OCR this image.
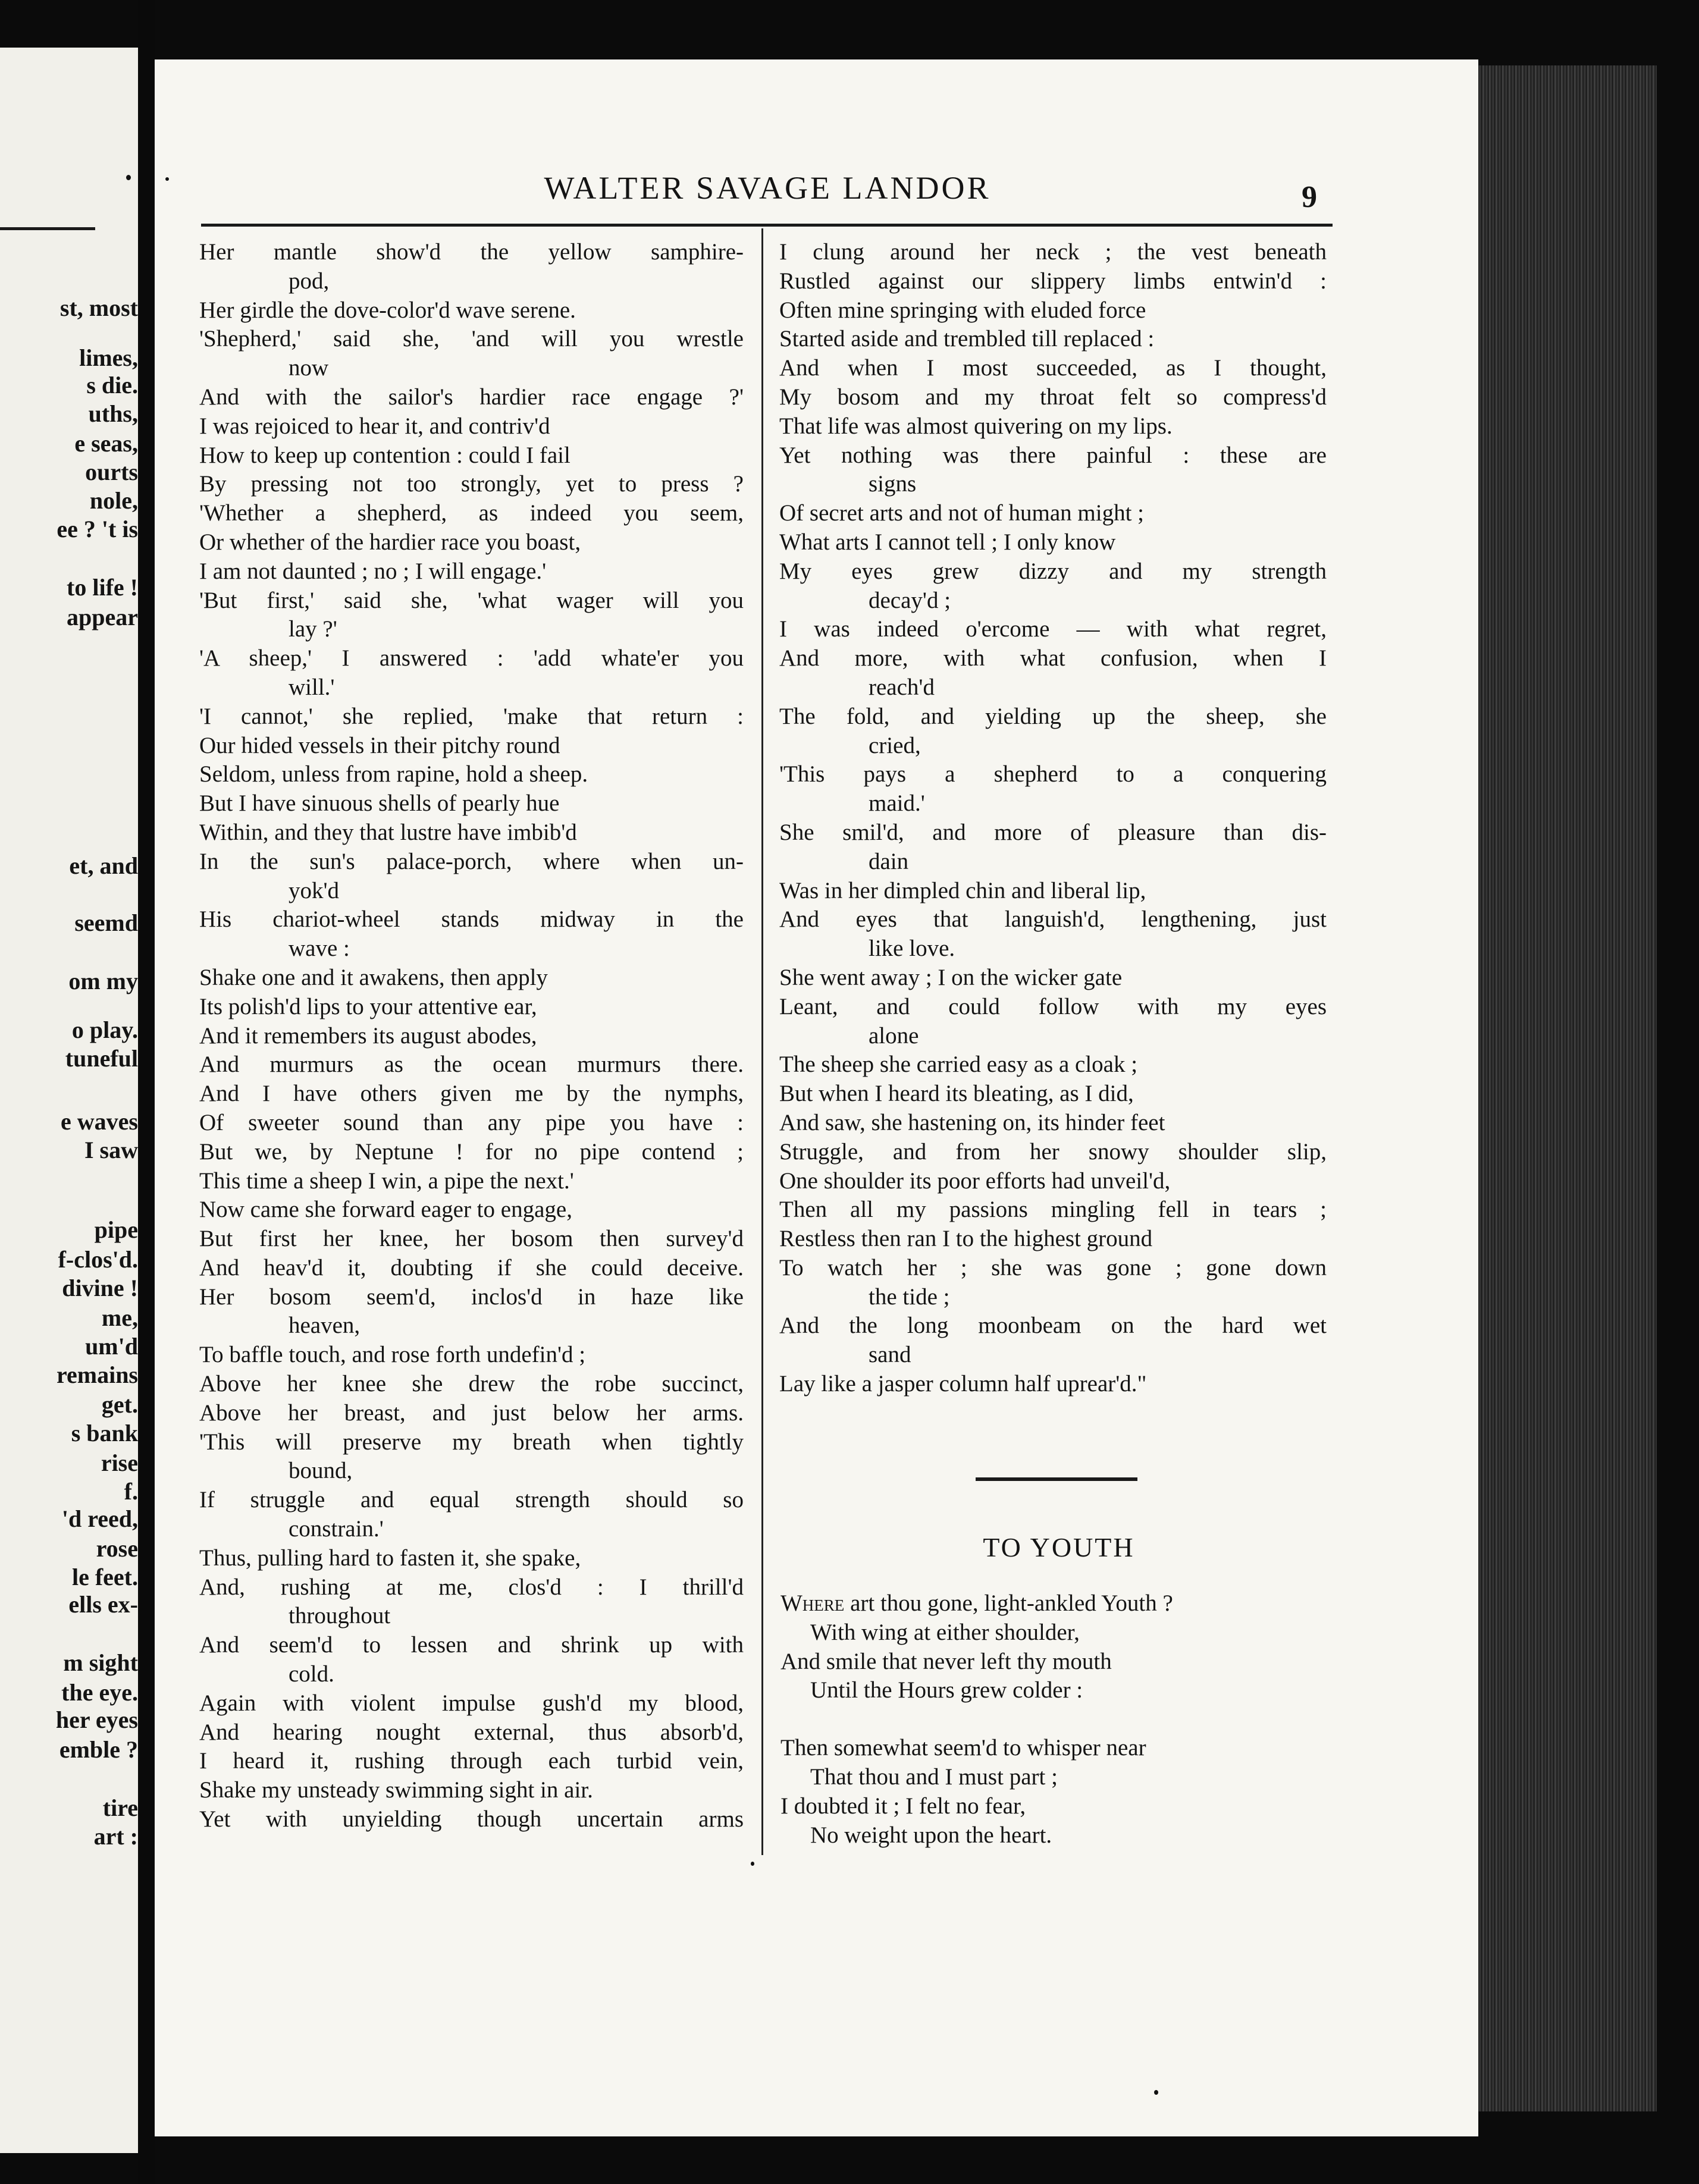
st, most
limes,
s die.
uths,
e seas,
ourts
nole,
ee ? 't is
to life !
appear
et, and
seemd
om my
o play.
tuneful
e waves
I saw
pipe
f-clos'd.
divine !
me,
um'd
remains
get.
s bank
rise
f.
'd reed,
rose
le feet.
ells ex-
m sight
the eye.
her eyes
emble ?
tire
art :
WALTER SAVAGE LANDOR	9
Her mantle show'd the yellow samphire-
pod,
Her girdle the dove-color'd wave serene.
'Shepherd,' said she, 'and will you wrestle
now
And with the sailor's hardier race engage ?'
I was rejoiced to hear it, and contriv'd
How to keep up contention : could I fail
By pressing not too strongly, yet to press ?
'Whether a shepherd, as indeed you seem,
Or whether of the hardier race you boast,
I am not daunted ; no ; I will engage.'
'But first,' said she, 'what wager will you
lay ?'
'A sheep,' I answered : 'add whate'er you
will.'
'I cannot,' she replied, 'make that return :
Our hided vessels in their pitchy round
Seldom, unless from rapine, hold a sheep.
But I have sinuous shells of pearly hue
Within, and they that lustre have imbib'd
In the sun's palace-porch, where when un-
yok'd
His chariot-wheel stands midway in the
wave :
Shake one and it awakens, then apply
Its polish'd lips to your attentive ear,
And it remembers its august abodes,
And murmurs as the ocean murmurs there.
And I have others given me by the nymphs,
Of sweeter sound than any pipe you have :
But we, by Neptune ! for no pipe contend ;
This time a sheep I win, a pipe the next.'
Now came she forward eager to engage,
But first her knee, her bosom then survey'd
And heav'd it, doubting if she could deceive.
Her bosom seem'd, inclos'd in haze like
heaven,
To baffle touch, and rose forth undefin'd ;
Above her knee she drew the robe succinct,
Above her breast, and just below her arms.
'This will preserve my breath when tightly
bound,
If struggle and equal strength should so
constrain.'
Thus, pulling hard to fasten it, she spake,
And, rushing at me, clos'd : I thrill'd
throughout
And seem'd to lessen and shrink up with
cold.
Again with violent impulse gush'd my blood,
And hearing nought external, thus absorb'd,
I heard it, rushing through each turbid vein,
Shake my unsteady swimming sight in air.
Yet with unyielding though uncertain arms
I clung around her neck ; the vest beneath
Rustled against our slippery limbs entwin'd :
Often mine springing with eluded force
Started aside and trembled till replaced :
And when I most succeeded, as I thought,
My bosom and my throat felt so compress'd
That life was almost quivering on my lips.
Yet nothing was there painful : these are
signs
Of secret arts and not of human might ;
What arts I cannot tell ; I only know
My eyes grew dizzy and my strength
decay'd ;
I was indeed o'ercome — with what regret,
And more, with what confusion, when I
reach'd
The fold, and yielding up the sheep, she
cried,
'This pays a shepherd to a conquering
maid.'
She smil'd, and more of pleasure than dis-
dain
Was in her dimpled chin and liberal lip,
And eyes that languish'd, lengthening, just
like love.
She went away ; I on the wicker gate
Leant, and could follow with my eyes
alone
The sheep she carried easy as a cloak ;
But when I heard its bleating, as I did,
And saw, she hastening on, its hinder feet
Struggle, and from her snowy shoulder slip,
One shoulder its poor efforts had unveil'd,
Then all my passions mingling fell in tears ;
Restless then ran I to the highest ground
To watch her ; she was gone ; gone down
the tide ;
And the long moonbeam on the hard wet
sand
Lay like a jasper column half uprear'd."
TO YOUTH
Where art thou gone, light-ankled Youth ?
With wing at either shoulder,
And smile that never left thy mouth
Until the Hours grew colder :
Then somewhat seem'd to whisper near
That thou and I must part ;
I doubted it ; I felt no fear,
No weight upon the heart.
